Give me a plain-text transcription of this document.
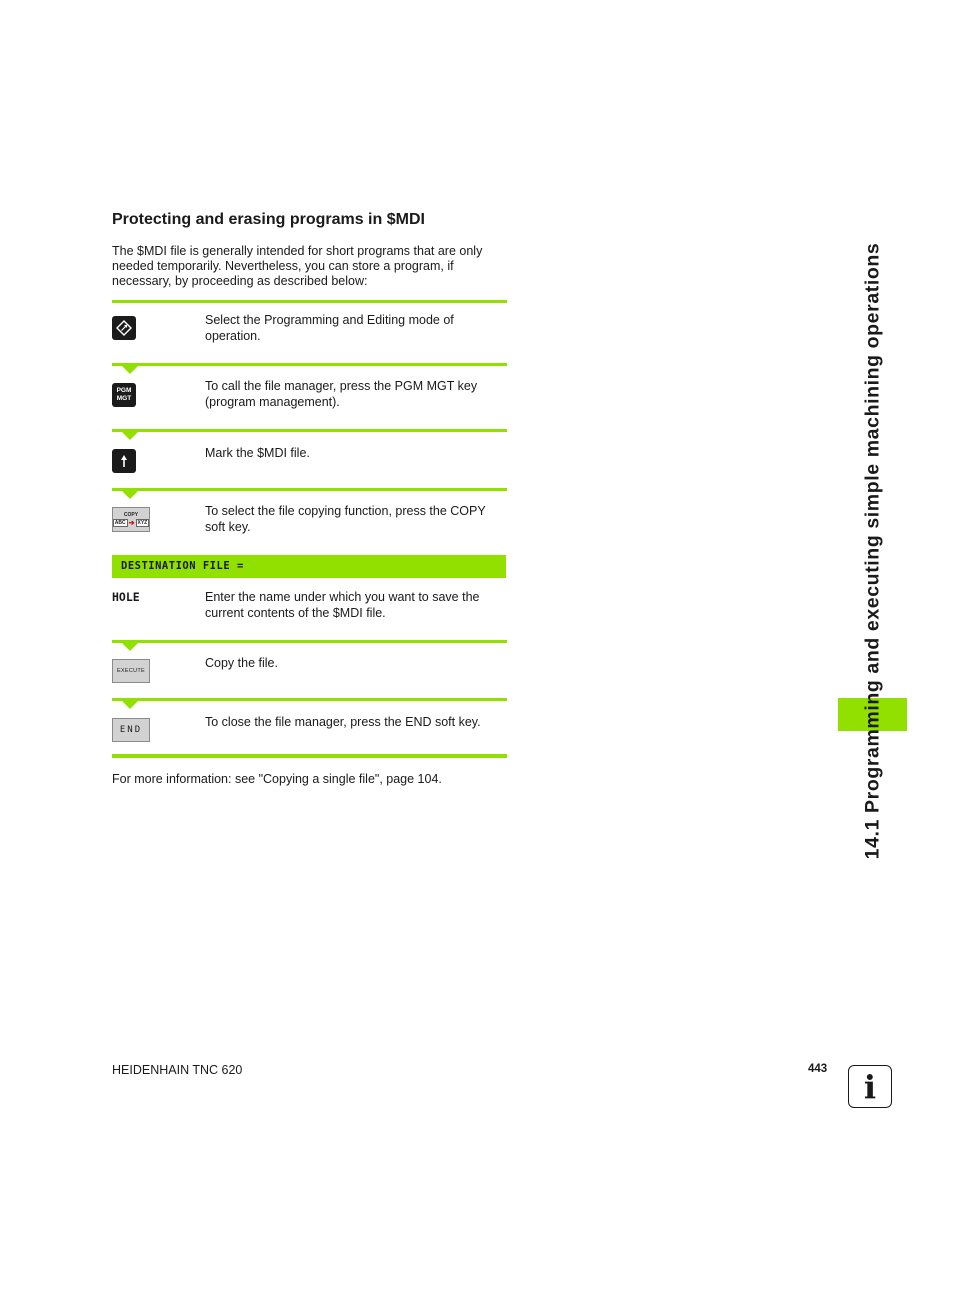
Protecting and erasing programs in $MDI

The $MDI file is generally intended for short programs that are only needed temporarily. Nevertheless, you can store a program, if necessary, by proceeding as described below:

Select the Programming and Editing mode of operation.

PGM
MGT

To call the file manager, press the PGM MGT key (program management).

Mark the $MDI file.

COPY
ABC ➔ XYZ

To select the file copying function, press the COPY soft key.

DESTINATION FILE =
HOLE	Enter the name under which you want to save the current contents of the $MDI file.

EXECUTE

Copy the file.

END

To close the file manager, press the END soft key.

For more information: see "Copying a single file", page 104.	14.1 Programming and executing simple machining operations
HEIDENHAIN TNC 620	443	i
